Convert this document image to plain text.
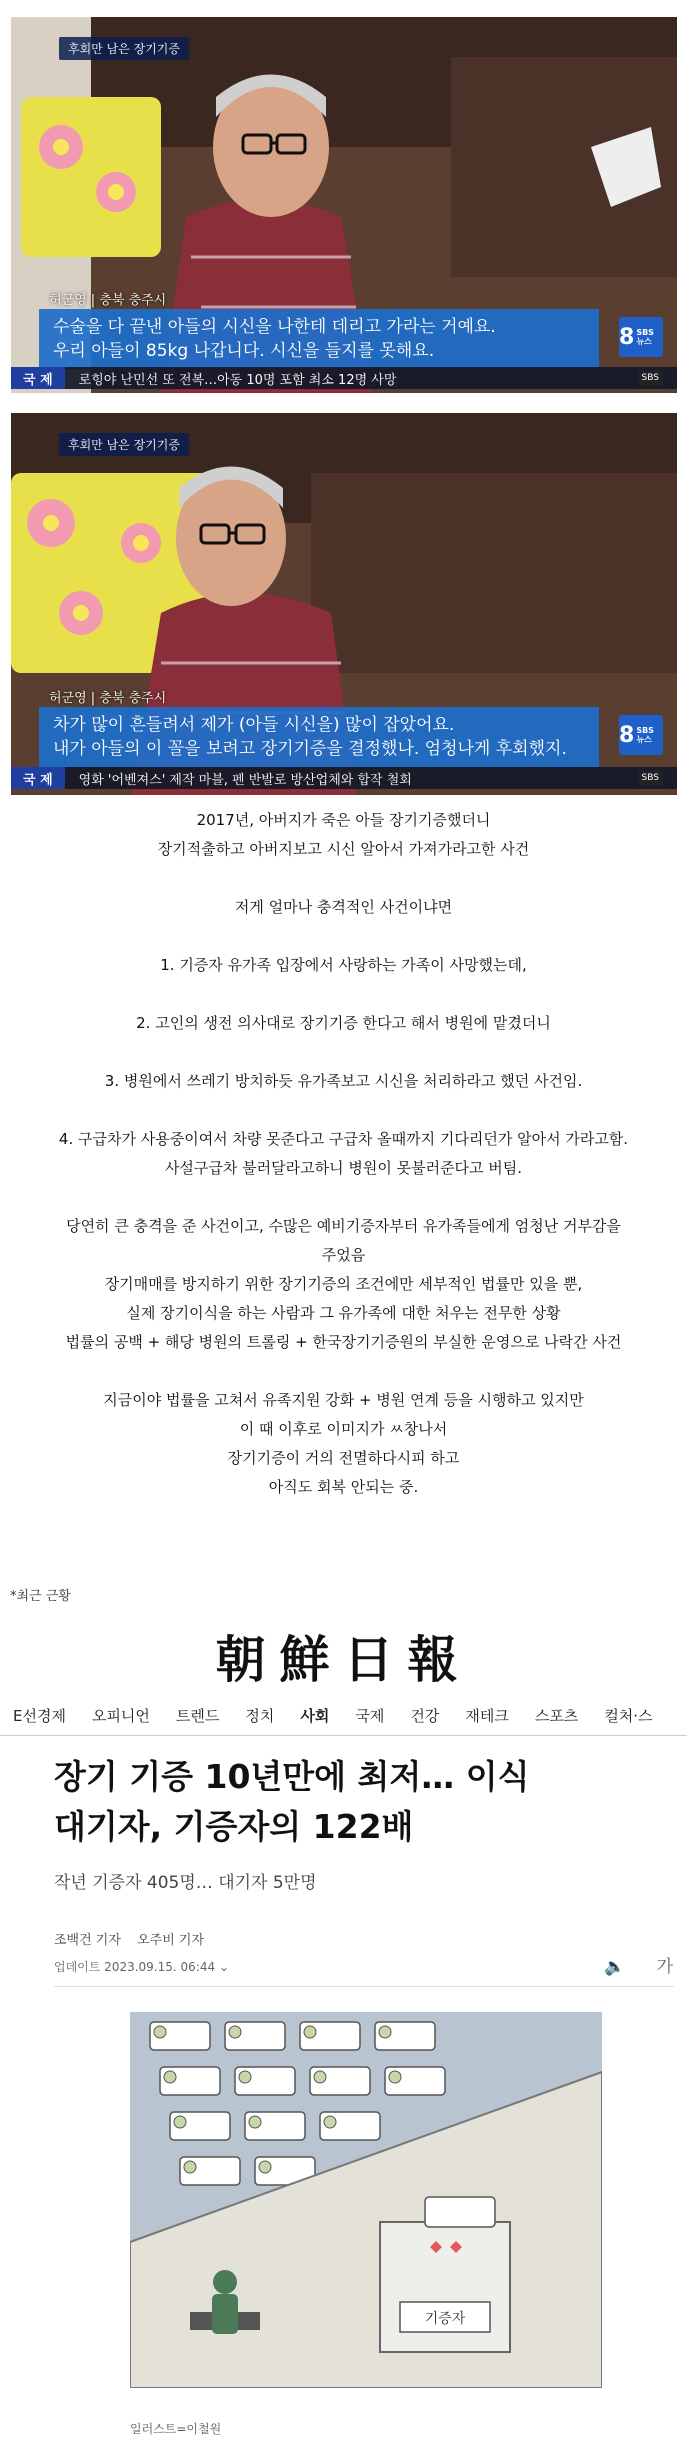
후회만 남은 장기기증
허군영 | 충북 충주시
수술을 다 끝낸 아들의 시신을 나한테 데리고 가라는 거예요.
우리 아들이 85kg 나갑니다. 시신을 들지를 못해요.
8 SBS 뉴스
국 제	로힝야 난민선 또 전복…아동 10명 포함 최소 12명 사망	SBS
후회만 남은 장기기증
허군영 | 충북 충주시
차가 많이 흔들려서 제가 (아들 시신을) 많이 잡았어요.
내가 아들의 이 꼴을 보려고 장기기증을 결정했나. 엄청나게 후회했지.
8 SBS 뉴스
국 제	영화 '어벤져스' 제작 마블, 펜 반발로 방산업체와 합작 철회	SBS

2017년, 아버지가 죽은 아들 장기기증했더니

장기적출하고 아버지보고 시신 알아서 가져가라고한 사건

저게 얼마나 충격적인 사건이냐면

1. 기증자 유가족 입장에서 사랑하는 가족이 사망했는데,

2. 고인의 생전 의사대로 장기기증 한다고 해서 병원에 맡겼더니

3. 병원에서 쓰레기 방치하듯 유가족보고 시신을 처리하라고 했던 사건임.

4. 구급차가 사용중이여서 차량 못준다고 구급차 올때까지 기다리던가 알아서 가라고함.

사설구급차 불러달라고하니 병원이 못불러준다고 버팀.

당연히 큰 충격을 준 사건이고, 수많은 예비기증자부터 유가족들에게 엄청난 거부감을

주었음

장기매매를 방지하기 위한 장기기증의 조건에만 세부적인 법률만 있을 뿐,

실제 장기이식을 하는 사람과 그 유가족에 대한 처우는 전무한 상황

법률의 공백 + 해당 병원의 트롤링 + 한국장기기증원의 부실한 운영으로 나락간 사건

지금이야 법률을 고쳐서 유족지원 강화 + 병원 연계 등을 시행하고 있지만

이 때 이후로 이미지가 ㅆ창나서

장기기증이 거의 전멸하다시피 하고

아직도 회복 안되는 중.

*최근 근황
朝鮮日報
E선경제	오피니언	트렌드	정치	사회	국제	건강	재테크	스포츠	컬처·스
장기 기증 10년만에 최저… 이식
대기자, 기증자의 122배
작년 기증자 405명… 대기자 5만명
조백건 기자 오주비 기자
업데이트 2023.09.15. 06:44 ⌄	🔈 가
기증자
일러스트=이철원
